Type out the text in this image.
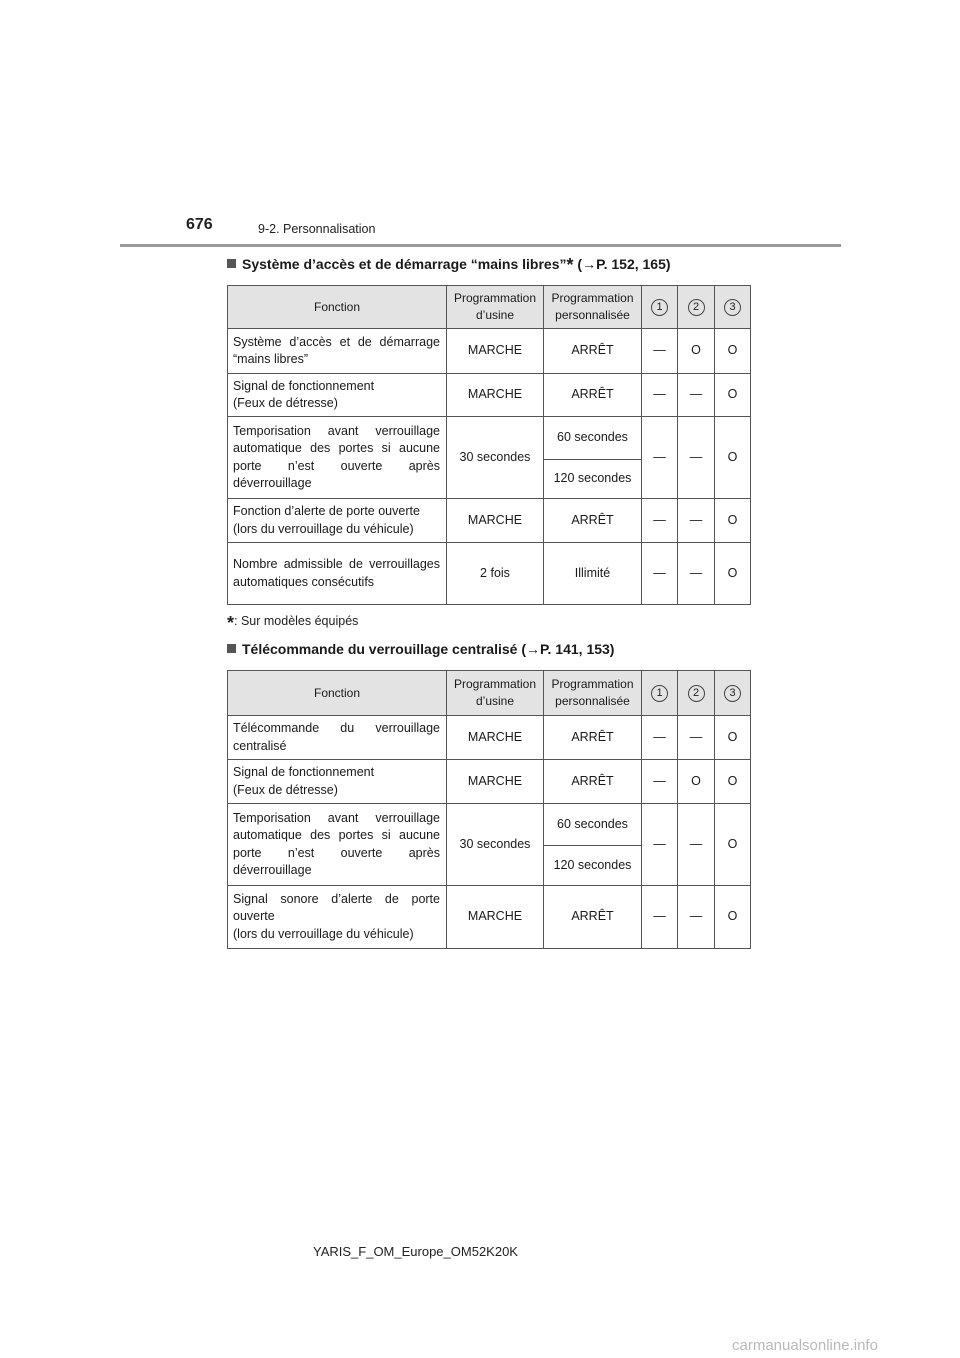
676	9-2. Personnalisation
Système d’accès et de démarrage “mains libres”* (→P. 152, 165)
Fonction	Programmation d’usine	Programmation personnalisée	1	2	3
Système d’accès et de démarrage “mains libres”	MARCHE	ARRÊT	—	O	O
Signal de fonctionnement
(Feux de détresse)	MARCHE	ARRÊT	—	—	O
Temporisation avant verrouillage automatique des portes si aucune porte n’est ouverte après déverrouillage	30 secondes	60 secondes	—	—	O
		120 secondes			
Fonction d’alerte de porte ouverte
(lors du verrouillage du véhicule)	MARCHE	ARRÊT	—	—	O
Nombre admissible de verrouillages automatiques consécutifs	2 fois	Illimité	—	—	O
*: Sur modèles équipés
Télécommande du verrouillage centralisé (→P. 141, 153)
Fonction	Programmation d’usine	Programmation personnalisée	1	2	3
Télécommande du verrouillage centralisé	MARCHE	ARRÊT	—	—	O
Signal de fonctionnement
(Feux de détresse)	MARCHE	ARRÊT	—	O	O
Temporisation avant verrouillage automatique des portes si aucune porte n’est ouverte après déverrouillage	30 secondes	60 secondes	—	—	O
		120 secondes			
Signal sonore d’alerte de porte ouverte
(lors du verrouillage du véhicule)	MARCHE	ARRÊT	—	—	O
YARIS_F_OM_Europe_OM52K20K
carmanualsonline.info
